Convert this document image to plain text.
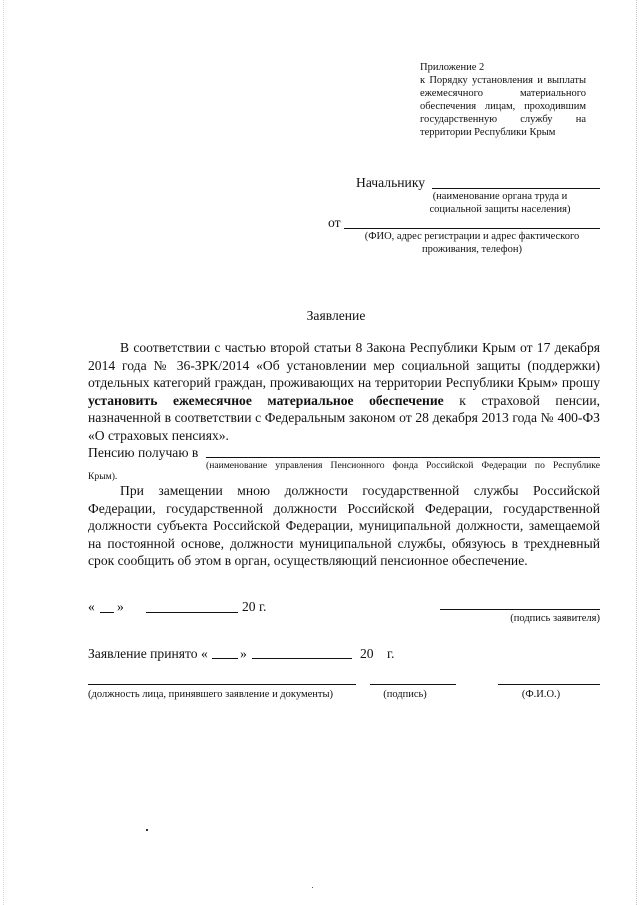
Приложение 2
к Порядку установления и выплаты
ежемесячного материального
обеспечения лицам, проходившим
государственную службу на
территории Республики Крым
Начальнику
(наименование органа труда и
социальной защиты населения)
от
(ФИО, адрес регистрации и адрес фактического
проживания, телефон)
Заявление
В соответствии с частью второй статьи 8 Закона Республики Крым от 17 декабря 2014 года № 36-ЗРК/2014 «Об установлении мер социальной защиты (поддержки) отдельных категорий граждан, проживающих на территории Республики Крым» прошу установить ежемесячное материальное обеспечение к страховой пенсии, назначенной в соответствии с Федеральным законом от 28 декабря 2013 года № 400-ФЗ «О страховых пенсиях».
Пенсию получаю в
(наименование управления Пенсионного фонда Российской Федерации по Республике
Крым).
При замещении мною должности государственной службы Российской Федерации, государственной должности Российской Федерации, государственной должности субъекта Российской Федерации, муниципальной должности, замещаемой на постоянной основе, должности муниципальной службы, обязуюсь в трехдневный срок сообщить об этом в орган, осуществляющий пенсионное обеспечение.
« »	20 г.
(подпись заявителя)
Заявление принято « »	20 г.
(должность лица, принявшего заявление и документы)	(подпись)	(Ф.И.О.)
